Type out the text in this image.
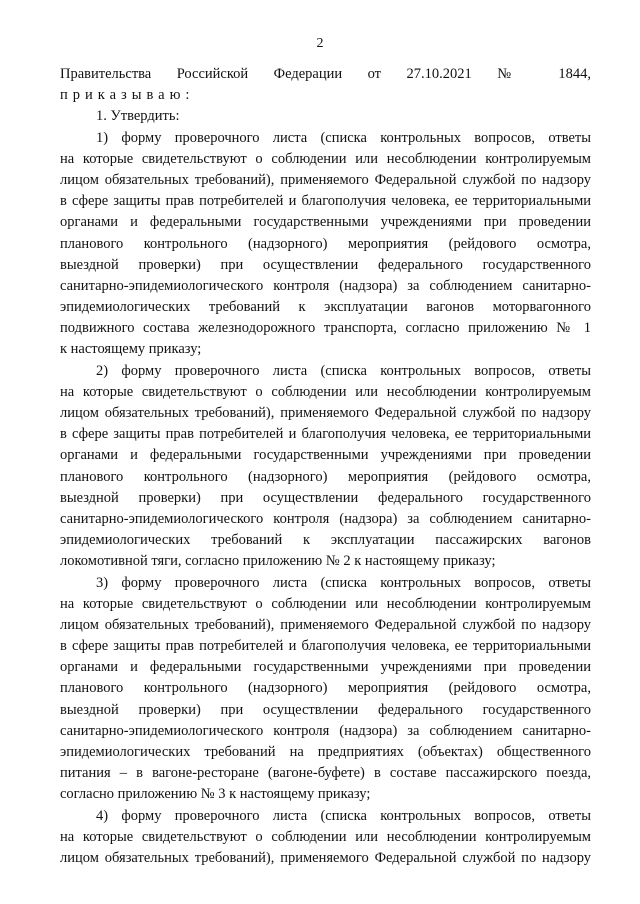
2
Правительства Российской Федерации от 27.10.2021 № 1844,
приказываю:
1. Утвердить:
1) форму проверочного листа (списка контрольных вопросов, ответы
на которые свидетельствуют о соблюдении или несоблюдении контролируемым
лицом обязательных требований), применяемого Федеральной службой по надзору
в сфере защиты прав потребителей и благополучия человека, ее территориальными
органами и федеральными государственными учреждениями при проведении
планового контрольного (надзорного) мероприятия (рейдового осмотра,
выездной проверки) при осуществлении федерального государственного
санитарно-эпидемиологического контроля (надзора) за соблюдением санитарно-
эпидемиологических требований к эксплуатации вагонов моторвагонного
подвижного состава железнодорожного транспорта, согласно приложению № 1
к настоящему приказу;
2) форму проверочного листа (списка контрольных вопросов, ответы
на которые свидетельствуют о соблюдении или несоблюдении контролируемым
лицом обязательных требований), применяемого Федеральной службой по надзору
в сфере защиты прав потребителей и благополучия человека, ее территориальными
органами и федеральными государственными учреждениями при проведении
планового контрольного (надзорного) мероприятия (рейдового осмотра,
выездной проверки) при осуществлении федерального государственного
санитарно-эпидемиологического контроля (надзора) за соблюдением санитарно-
эпидемиологических требований к эксплуатации пассажирских вагонов
локомотивной тяги, согласно приложению № 2 к настоящему приказу;
3) форму проверочного листа (списка контрольных вопросов, ответы
на которые свидетельствуют о соблюдении или несоблюдении контролируемым
лицом обязательных требований), применяемого Федеральной службой по надзору
в сфере защиты прав потребителей и благополучия человека, ее территориальными
органами и федеральными государственными учреждениями при проведении
планового контрольного (надзорного) мероприятия (рейдового осмотра,
выездной проверки) при осуществлении федерального государственного
санитарно-эпидемиологического контроля (надзора) за соблюдением санитарно-
эпидемиологических требований на предприятиях (объектах) общественного
питания – в вагоне-ресторане (вагоне-буфете) в составе пассажирского поезда,
согласно приложению № 3 к настоящему приказу;
4) форму проверочного листа (списка контрольных вопросов, ответы
на которые свидетельствуют о соблюдении или несоблюдении контролируемым
лицом обязательных требований), применяемого Федеральной службой по надзору
